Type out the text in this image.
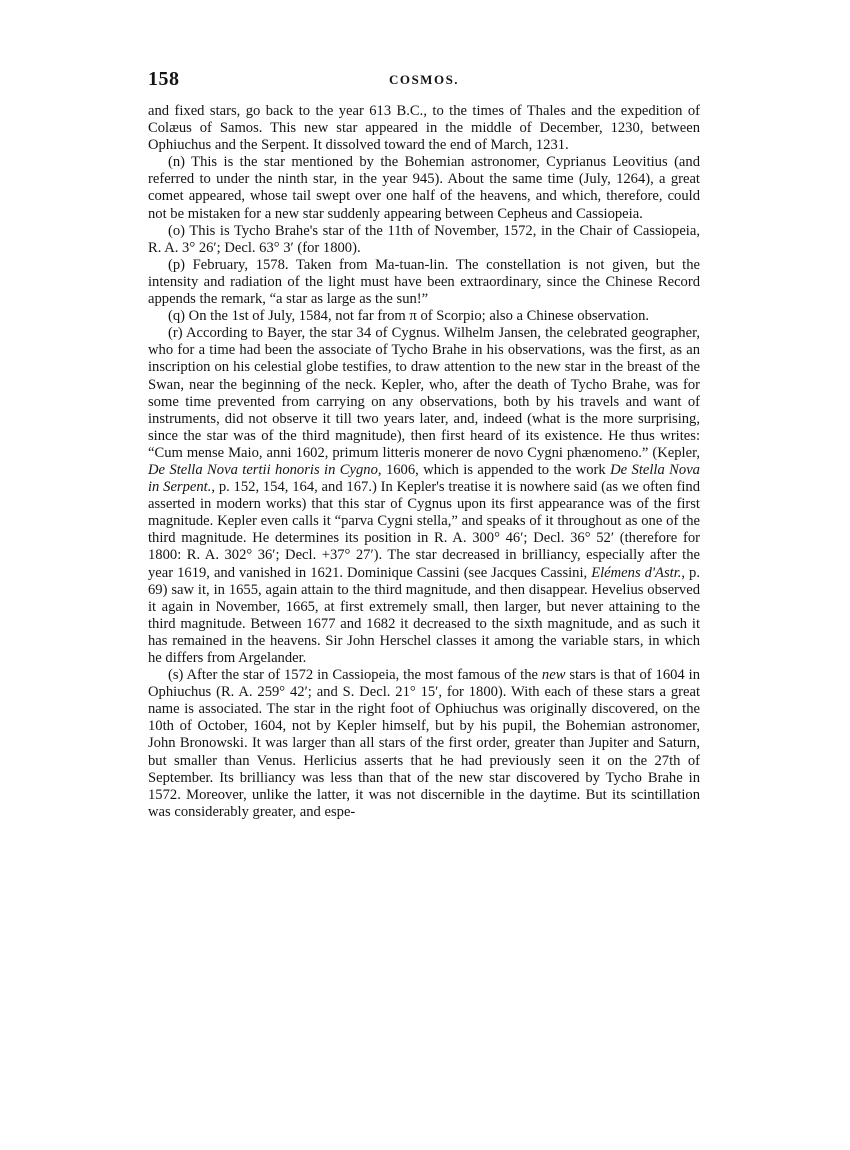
158	COSMOS.

and fixed stars, go back to the year 613 B.C., to the times of Thales and the expedition of Colæus of Samos. This new star appeared in the middle of December, 1230, between Ophiuchus and the Serpent. It dissolved toward the end of March, 1231.

(n) This is the star mentioned by the Bohemian astronomer, Cyprianus Leovitius (and referred to under the ninth star, in the year 945). About the same time (July, 1264), a great comet appeared, whose tail swept over one half of the heavens, and which, therefore, could not be mistaken for a new star suddenly appearing between Cepheus and Cassiopeia.

(o) This is Tycho Brahe's star of the 11th of November, 1572, in the Chair of Cassiopeia, R. A. 3° 26′; Decl. 63° 3′ (for 1800).

(p) February, 1578. Taken from Ma-tuan-lin. The constellation is not given, but the intensity and radiation of the light must have been extraordinary, since the Chinese Record appends the remark, “a star as large as the sun!”

(q) On the 1st of July, 1584, not far from π of Scorpio; also a Chinese observation.

(r) According to Bayer, the star 34 of Cygnus. Wilhelm Jansen, the celebrated geographer, who for a time had been the associate of Tycho Brahe in his observations, was the first, as an inscription on his celestial globe testifies, to draw attention to the new star in the breast of the Swan, near the beginning of the neck. Kepler, who, after the death of Tycho Brahe, was for some time prevented from carrying on any observations, both by his travels and want of instruments, did not observe it till two years later, and, indeed (what is the more surprising, since the star was of the third magnitude), then first heard of its existence. He thus writes: “Cum mense Maio, anni 1602, primum litteris monerer de novo Cygni phænomeno.” (Kepler, De Stella Nova tertii honoris in Cygno, 1606, which is appended to the work De Stella Nova in Serpent., p. 152, 154, 164, and 167.) In Kepler's treatise it is nowhere said (as we often find asserted in modern works) that this star of Cygnus upon its first appearance was of the first magnitude. Kepler even calls it “parva Cygni stella,” and speaks of it throughout as one of the third magnitude. He determines its position in R. A. 300° 46′; Decl. 36° 52′ (therefore for 1800: R. A. 302° 36′; Decl. +37° 27′). The star decreased in brilliancy, especially after the year 1619, and vanished in 1621. Dominique Cassini (see Jacques Cassini, Elémens d'Astr., p. 69) saw it, in 1655, again attain to the third magnitude, and then disappear. Hevelius observed it again in November, 1665, at first extremely small, then larger, but never attaining to the third magnitude. Between 1677 and 1682 it decreased to the sixth magnitude, and as such it has remained in the heavens. Sir John Herschel classes it among the variable stars, in which he differs from Argelander.

(s) After the star of 1572 in Cassiopeia, the most famous of the new stars is that of 1604 in Ophiuchus (R. A. 259° 42′; and S. Decl. 21° 15′, for 1800). With each of these stars a great name is associated. The star in the right foot of Ophiuchus was originally discovered, on the 10th of October, 1604, not by Kepler himself, but by his pupil, the Bohemian astronomer, John Bronowski. It was larger than all stars of the first order, greater than Jupiter and Saturn, but smaller than Venus. Herlicius asserts that he had previously seen it on the 27th of September. Its brilliancy was less than that of the new star discovered by Tycho Brahe in 1572. Moreover, unlike the latter, it was not discernible in the daytime. But its scintillation was considerably greater, and espe-
